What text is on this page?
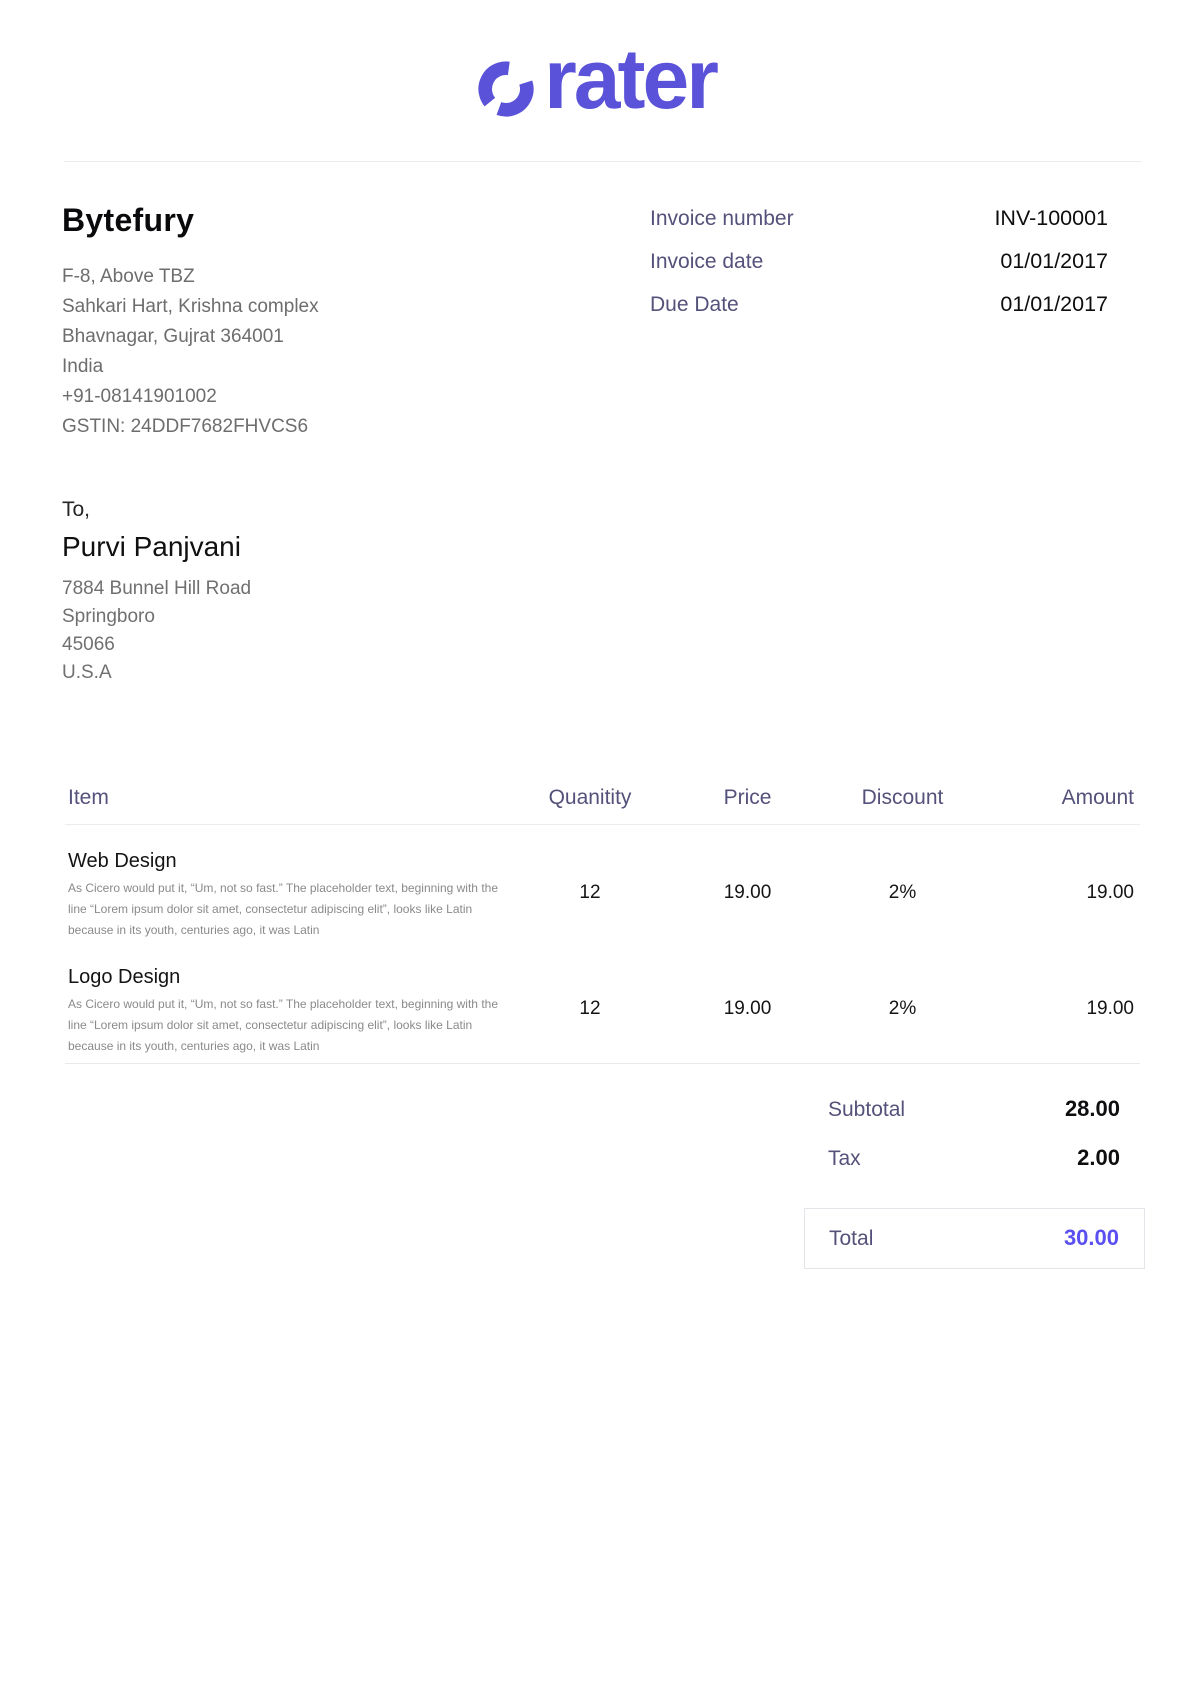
rater
Bytefury
F-8, Above TBZ
Sahkari Hart, Krishna complex
Bhavnagar, Gujrat 364001
India
+91-08141901002
GSTIN: 24DDF7682FHVCS6
Invoice number	INV-100001
Invoice date	01/01/2017
Due Date	01/01/2017
To,
Purvi Panjvani
7884 Bunnel Hill Road
Springboro
45066
U.S.A
Item	Quanitity	Price	Discount	Amount
Web Design
As Cicero would put it, “Um, not so fast.” The placeholder text, beginning with the line “Lorem ipsum dolor sit amet, consectetur adipiscing elit”, looks like Latin because in its youth, centuries ago, it was Latin
12	19.00	2%	19.00
Logo Design
As Cicero would put it, “Um, not so fast.” The placeholder text, beginning with the line “Lorem ipsum dolor sit amet, consectetur adipiscing elit”, looks like Latin because in its youth, centuries ago, it was Latin
12	19.00	2%	19.00
Subtotal	28.00
Tax	2.00
Total	30.00
